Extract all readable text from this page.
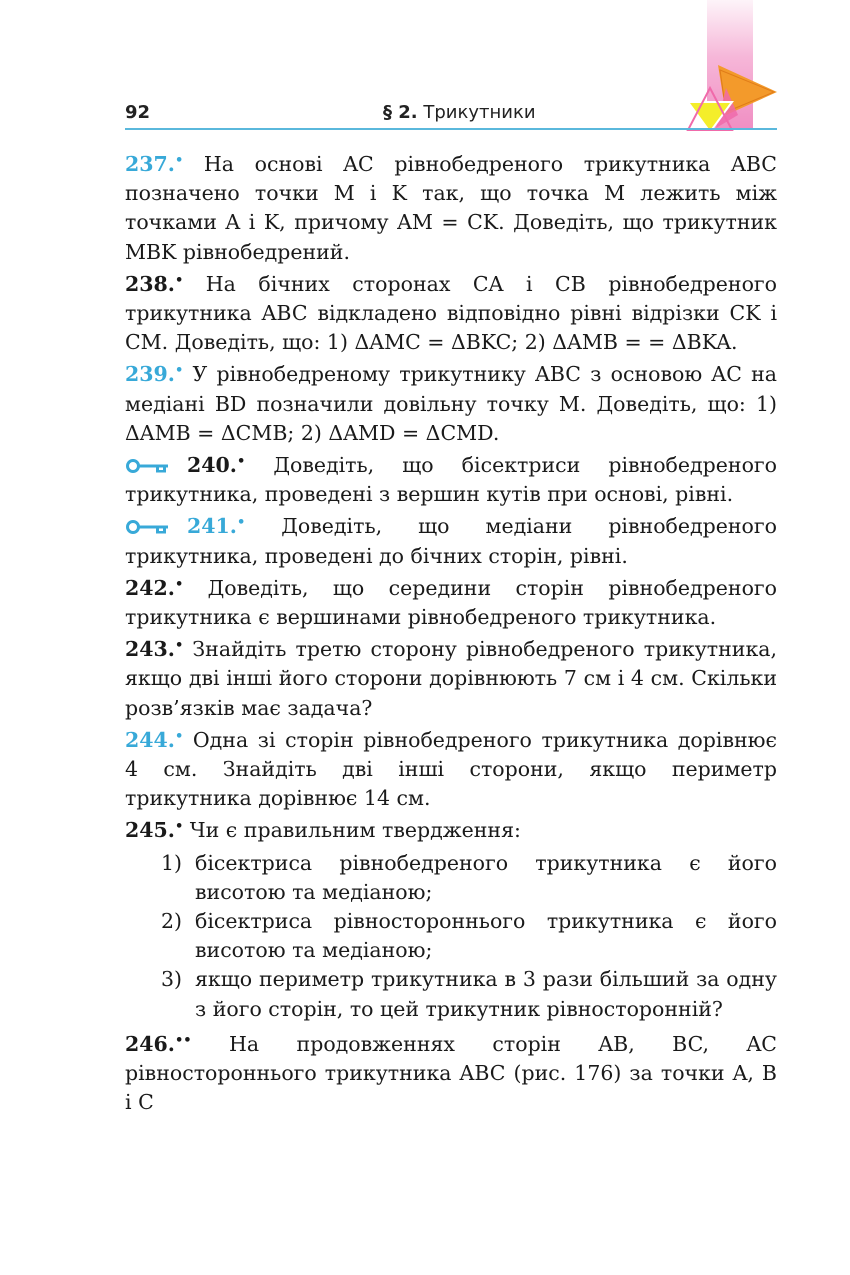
92	§ 2. Трикутники

237.• На основі AC рівнобедреного трикутника ABC позначено точки M і K так, що точка M лежить між точками A і K, причому AM = CK. Доведіть, що трикутник MBK рівнобедрений.

238.• На бічних сторонах CA і CB рівнобедреного трикутника ABC відкладено відповідно рівні відрізки CK і CM. Доведіть, що: 1) ΔAMC = ΔBKC; 2) ΔAMB = = ΔBKA.

239.• У рівнобедреному трикутнику ABC з основою AC на медіані BD позначили довільну точку M. Доведіть, що: 1) ΔAMB = ΔCMB; 2) ΔAMD = ΔCMD.

240.• Доведіть, що бісектриси рівнобедреного трикутника, проведені з вершин кутів при основі, рівні.

241.• Доведіть, що медіани рівнобедреного трикутника, проведені до бічних сторін, рівні.

242.• Доведіть, що середини сторін рівнобедреного трикутника є вершинами рівнобедреного трикутника.

243.• Знайдіть третю сторону рівнобедреного трикутника, якщо дві інші його сторони дорівнюють 7 см і 4 см. Скільки розв’язків має задача?

244.• Одна зі сторін рівнобедреного трикутника дорівнює 4 см. Знайдіть дві інші сторони, якщо периметр трикутника дорівнює 14 см.

245.• Чи є правильним твердження:

1) бісектриса рівнобедреного трикутника є його висотою та медіаною;
2) бісектриса рівностороннього трикутника є його висотою та медіаною;
3) якщо периметр трикутника в 3 рази більший за одну з його сторін, то цей трикутник рівносторонній?

246.•• На продовженнях сторін AB, BC, AC рівностороннього трикутника ABC (рис. 176) за точки A, B і C
